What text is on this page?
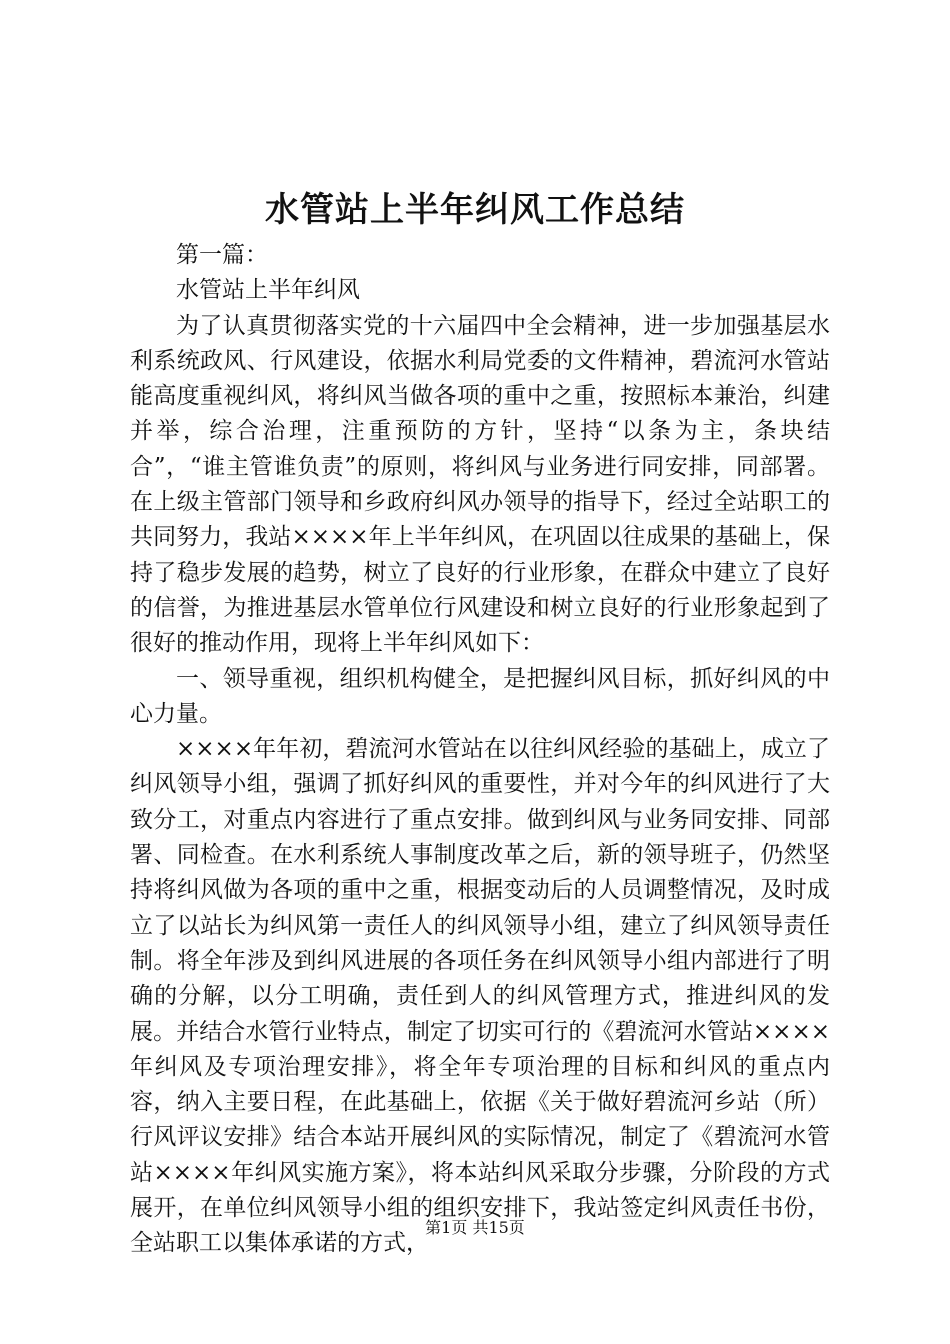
水管站上半年纠风工作总结

第一篇：

水管站上半年纠风

为了认真贯彻落实党的十六届四中全会精神，进一步加强基层水利系统政风、行风建设，依据水利局党委的文件精神，碧流河水管站能高度重视纠风，将纠风当做各项的重中之重，按照标本兼治，纠建并举，综合治理，注重预防的方针，坚持“以条为主，条块结合”，“谁主管谁负责”的原则，将纠风与业务进行同安排，同部署。在上级主管部门领导和乡政府纠风办领导的指导下，经过全站职工的共同努力，我站××××年上半年纠风，在巩固以往成果的基础上，保持了稳步发展的趋势，树立了良好的行业形象，在群众中建立了良好的信誉，为推进基层水管单位行风建设和树立良好的行业形象起到了很好的推动作用，现将上半年纠风如下：

一、领导重视，组织机构健全，是把握纠风目标，抓好纠风的中心力量。

××××年年初，碧流河水管站在以往纠风经验的基础上，成立了纠风领导小组，强调了抓好纠风的重要性，并对今年的纠风进行了大致分工，对重点内容进行了重点安排。做到纠风与业务同安排、同部署、同检查。在水利系统人事制度改革之后，新的领导班子，仍然坚持将纠风做为各项的重中之重，根据变动后的人员调整情况，及时成立了以站长为纠风第一责任人的纠风领导小组，建立了纠风领导责任制。将全年涉及到纠风进展的各项任务在纠风领导小组内部进行了明确的分解，以分工明确，责任到人的纠风管理方式，推进纠风的发展。并结合水管行业特点，制定了切实可行的《碧流河水管站××××年纠风及专项治理安排》，将全年专项治理的目标和纠风的重点内容，纳入主要日程，在此基础上，依据《关于做好碧流河乡站（所）行风评议安排》结合本站开展纠风的实际情况，制定了《碧流河水管站××××年纠风实施方案》，将本站纠风采取分步骤，分阶段的方式展开，在单位纠风领导小组的组织安排下，我站签定纠风责任书份，全站职工以集体承诺的方式，

第1页 共15页
